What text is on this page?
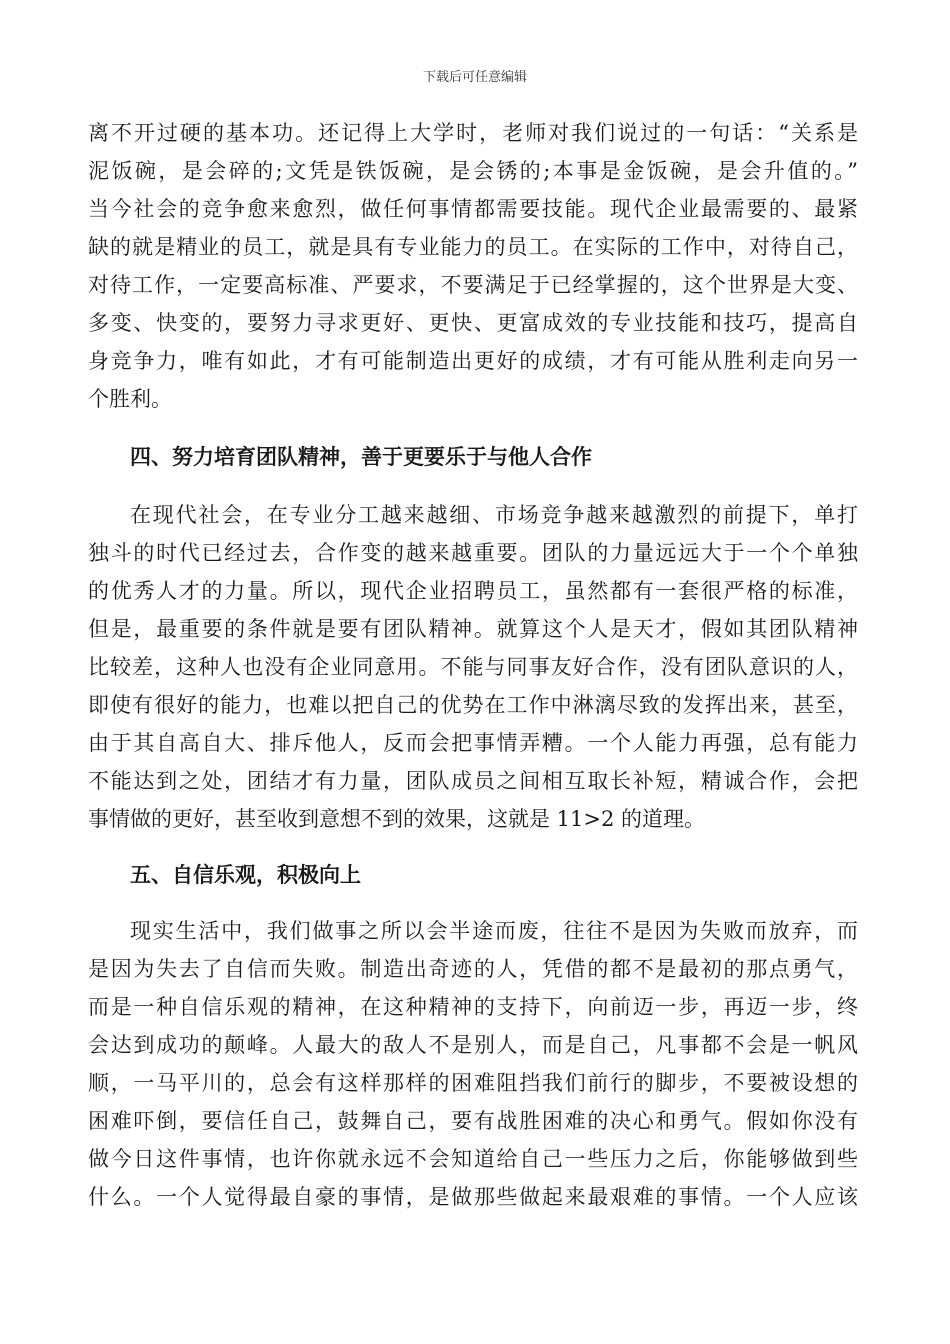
下载后可任意编辑
离不开过硬的基本功。还记得上大学时，老师对我们说过的一句话：“关系是
泥饭碗，是会碎的;文凭是铁饭碗，是会锈的;本事是金饭碗，是会升值的。”
当今社会的竞争愈来愈烈，做任何事情都需要技能。现代企业最需要的、最紧
缺的就是精业的员工，就是具有专业能力的员工。在实际的工作中，对待自己，
对待工作，一定要高标准、严要求，不要满足于已经掌握的，这个世界是大变、
多变、快变的，要努力寻求更好、更快、更富成效的专业技能和技巧，提高自
身竞争力，唯有如此，才有可能制造出更好的成绩，才有可能从胜利走向另一
个胜利。
四、努力培育团队精神，善于更要乐于与他人合作
在现代社会，在专业分工越来越细、市场竞争越来越激烈的前提下，单打
独斗的时代已经过去，合作变的越来越重要。团队的力量远远大于一个个单独
的优秀人才的力量。所以，现代企业招聘员工，虽然都有一套很严格的标准，
但是，最重要的条件就是要有团队精神。就算这个人是天才，假如其团队精神
比较差，这种人也没有企业同意用。不能与同事友好合作，没有团队意识的人，
即使有很好的能力，也难以把自己的优势在工作中淋漓尽致的发挥出来，甚至，
由于其自高自大、排斥他人，反而会把事情弄糟。一个人能力再强，总有能力
不能达到之处，团结才有力量，团队成员之间相互取长补短，精诚合作，会把
事情做的更好，甚至收到意想不到的效果，这就是 11>2 的道理。
五、自信乐观，积极向上
现实生活中，我们做事之所以会半途而废，往往不是因为失败而放弃，而
是因为失去了自信而失败。制造出奇迹的人，凭借的都不是最初的那点勇气，
而是一种自信乐观的精神，在这种精神的支持下，向前迈一步，再迈一步，终
会达到成功的颠峰。人最大的敌人不是别人，而是自己，凡事都不会是一帆风
顺，一马平川的，总会有这样那样的困难阻挡我们前行的脚步，不要被设想的
困难吓倒，要信任自己，鼓舞自己，要有战胜困难的决心和勇气。假如你没有
做今日这件事情，也许你就永远不会知道给自己一些压力之后，你能够做到些
什么。一个人觉得最自豪的事情，是做那些做起来最艰难的事情。一个人应该
